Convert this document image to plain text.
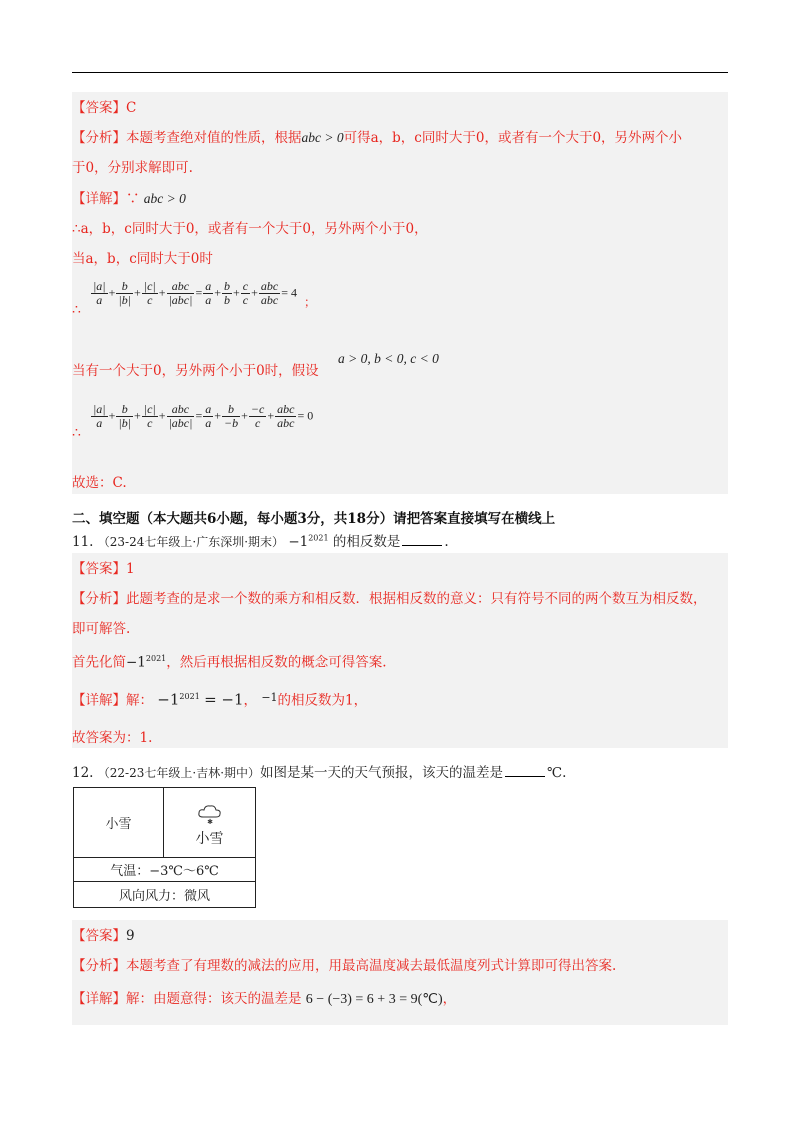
【答案】C
【分析】本题考查绝对值的性质，根据abc > 0可得a，b，c同时大于0，或者有一个大于0，另外两个小
于0，分别求解即可.
【详解】∵ abc > 0
∴a，b，c同时大于0，或者有一个大于0，另外两个小于0，
当a，b，c同时大于0时
∴
$\frac{|a|}{a} + \frac{b}{|b|} + \frac{|c|}{c} + \frac{\text{abc}}{\text{|abc|}} = \frac{a}{a} + \frac{b}{b} + \frac{c}{c} + \frac{\text{abc}}{\text{abc}} = 4$ ；
当有一个大于0，另外两个小于0时，假设
a > 0, b < 0, c < 0
∴
$\frac{|a|}{a} + \frac{b}{|b|} + \frac{|c|}{c} + \frac{\text{abc}}{\text{|abc|}} = \frac{a}{a} + \frac{b}{-b} + \frac{-c}{c} + \frac{\text{abc}}{\text{abc}} = 0$
故选：C.
二、填空题（本大题共6小题，每小题3分，共18分）请把答案直接填写在横线上
11. （23-24七年级上·广东深圳·期末） $-1^{2021}$ 的相反数是	.
【答案】1
【分析】此题考查的是求一个数的乘方和相反数．根据相反数的意义：只有符号不同的两个数互为相反数，
即可解答.
首先化简$-1^{2021}$，然后再根据相反数的概念可得答案.
【详解】解： $-1^{2021} = -1$， $^{-1}$的相反数为1，
故答案为：1.
12. （22-23七年级上·吉林·期中）如图是某一天的天气预报，该天的温差是	℃.
小雪	✱
小雪

气温：−3℃～6℃
风向风力：微风
【答案】9
【分析】本题考查了有理数的减法的应用，用最高温度减去最低温度列式计算即可得出答案.
【详解】解：由题意得：该天的温差是 6 − (−3) = 6 + 3 = 9(℃)，
